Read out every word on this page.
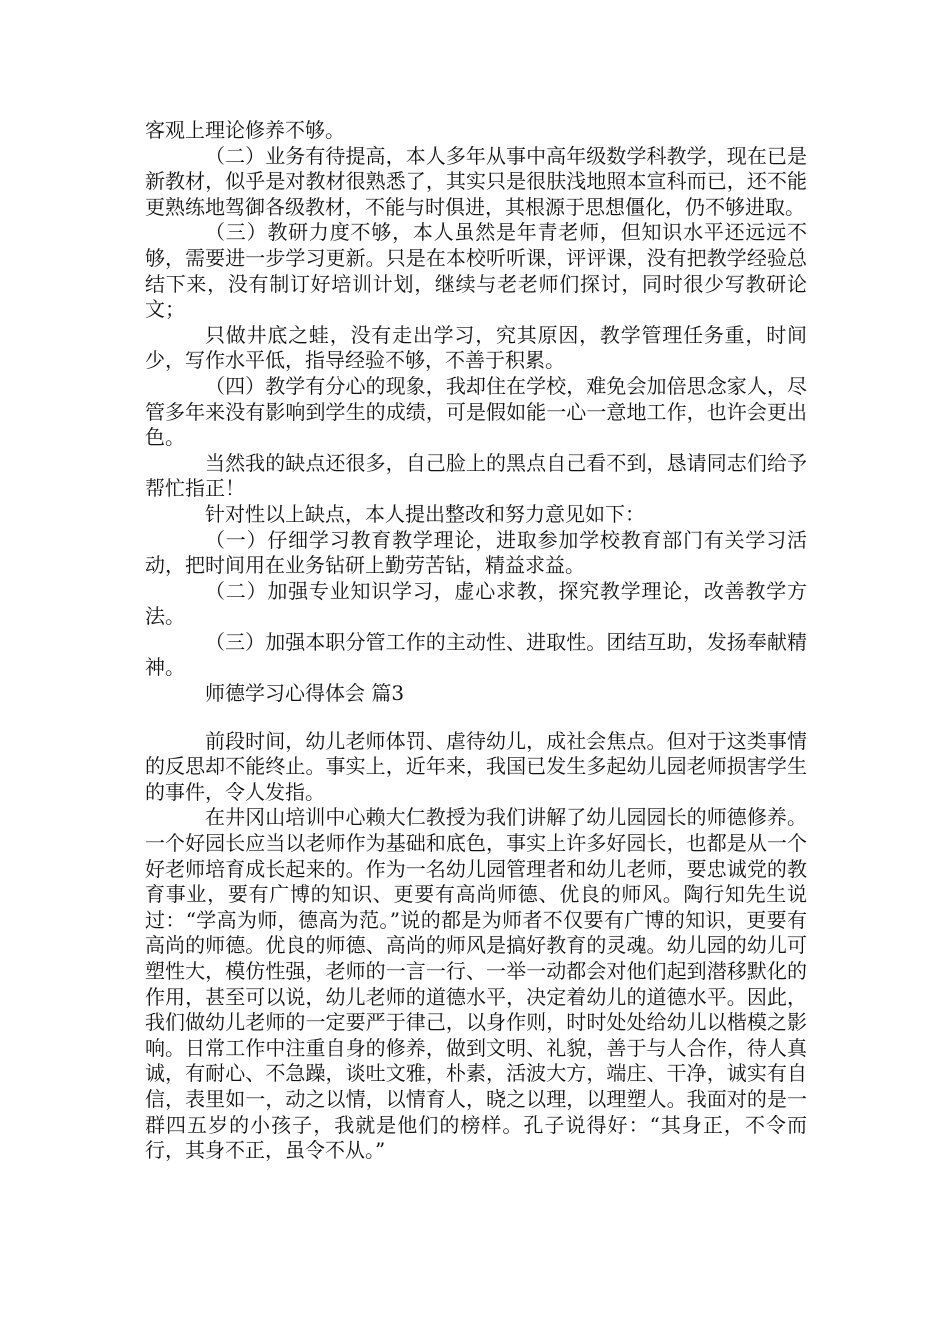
客观上理论修养不够。

（二）业务有待提高，本人多年从事中高年级数学科教学，现在已是新教材，似乎是对教材很熟悉了，其实只是很肤浅地照本宣科而已，还不能更熟练地驾御各级教材，不能与时俱进，其根源于思想僵化，仍不够进取。

（三）教研力度不够，本人虽然是年青老师，但知识水平还远远不够，需要进一步学习更新。只是在本校听听课，评评课，没有把教学经验总结下来，没有制订好培训计划，继续与老老师们探讨，同时很少写教研论文；

只做井底之蛙，没有走出学习，究其原因，教学管理任务重，时间少，写作水平低，指导经验不够，不善于积累。

（四）教学有分心的现象，我却住在学校，难免会加倍思念家人，尽管多年来没有影响到学生的成绩，可是假如能一心一意地工作，也许会更出色。

当然我的缺点还很多，自己脸上的黑点自己看不到，恳请同志们给予帮忙指正！

针对性以上缺点，本人提出整改和努力意见如下：

（一）仔细学习教育教学理论，进取参加学校教育部门有关学习活动，把时间用在业务钻研上勤劳苦钻，精益求益。

（二）加强专业知识学习，虚心求教，探究教学理论，改善教学方法。

（三）加强本职分管工作的主动性、进取性。团结互助，发扬奉献精神。

师德学习心得体会 篇3

前段时间，幼儿老师体罚、虐待幼儿，成社会焦点。但对于这类事情的反思却不能终止。事实上，近年来，我国已发生多起幼儿园老师损害学生的事件，令人发指。

在井冈山培训中心赖大仁教授为我们讲解了幼儿园园长的师德修养。一个好园长应当以老师作为基础和底色，事实上许多好园长，也都是从一个好老师培育成长起来的。作为一名幼儿园管理者和幼儿老师，要忠诚党的教育事业，要有广博的知识、更要有高尚师德、优良的师风。陶行知先生说过：“学高为师，德高为范。”说的都是为师者不仅要有广博的知识，更要有高尚的师德。优良的师德、高尚的师风是搞好教育的灵魂。幼儿园的幼儿可塑性大，模仿性强，老师的一言一行、一举一动都会对他们起到潜移默化的作用，甚至可以说，幼儿老师的道德水平，决定着幼儿的道德水平。因此，我们做幼儿老师的一定要严于律己，以身作则，时时处处给幼儿以楷模之影响。日常工作中注重自身的修养，做到文明、礼貌，善于与人合作，待人真诚，有耐心、不急躁，谈吐文雅，朴素，活波大方，端庄、干净，诚实有自信，表里如一，动之以情，以情育人，晓之以理，以理塑人。我面对的是一群四五岁的小孩子，我就是他们的榜样。孔子说得好：“其身正，不令而行，其身不正，虽令不从。”
